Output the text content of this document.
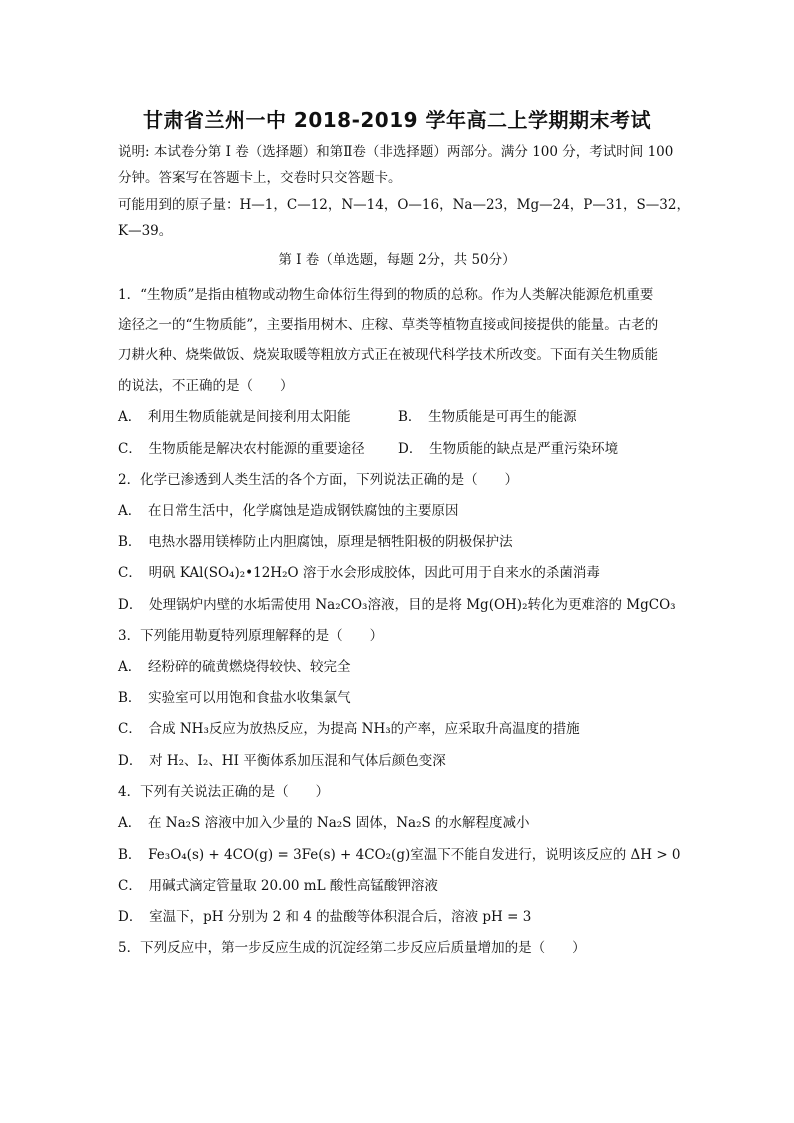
甘肃省兰州一中 2018-2019 学年高二上学期期末考试
说明: 本试卷分第 I 卷（选择题）和第Ⅱ卷（非选择题）两部分。满分 100 分，考试时间 100
分钟。答案写在答题卡上，交卷时只交答题卡。
可能用到的原子量：H—1，C—12，N—14，O—16，Na—23，Mg—24，P—31，S—32，
K—39。
第 I 卷（单选题，每题 2分，共 50分）
1．“生物质”是指由植物或动物生命体衍生得到的物质的总称。作为人类解决能源危机重要
途径之一的“生物质能”，主要指用树木、庄稼、草类等植物直接或间接提供的能量。古老的
刀耕火种、烧柴做饭、烧炭取暖等粗放方式正在被现代科学技术所改变。下面有关生物质能
的说法，不正确的是（　　）
A．　利用生物质能就是间接利用太阳能	B．　生物质能是可再生的能源
C．　生物质能是解决农村能源的重要途径 D．　生物质能的缺点是严重污染环境
2．化学已渗透到人类生活的各个方面，下列说法正确的是（　　）
A．　在日常生活中，化学腐蚀是造成钢铁腐蚀的主要原因
B．　电热水器用镁棒防止内胆腐蚀，原理是牺牲阳极的阴极保护法
C．　明矾 KAl(SO₄)₂•12H₂O 溶于水会形成胶体，因此可用于自来水的杀菌消毒
D．　处理锅炉内壁的水垢需使用 Na₂CO₃溶液，目的是将 Mg(OH)₂转化为更难溶的 MgCO₃
3．下列能用勒夏特列原理解释的是（　　）
A．　经粉碎的硫黄燃烧得较快、较完全
B．　实验室可以用饱和食盐水收集氯气
C．　合成 NH₃反应为放热反应，为提高 NH₃的产率，应采取升高温度的措施
D．　对 H₂、I₂、HI 平衡体系加压混和气体后颜色变深
4．下列有关说法正确的是（　　）
A．　在 Na₂S 溶液中加入少量的 Na₂S 固体，Na₂S 的水解程度减小
B．　Fe₃O₄(s) + 4CO(g) = 3Fe(s) + 4CO₂(g)室温下不能自发进行，说明该反应的 ΔH > 0
C．　用碱式滴定管量取 20.00 mL 酸性高锰酸钾溶液
D．　室温下，pH 分别为 2 和 4 的盐酸等体积混合后，溶液 pH = 3
5．下列反应中，第一步反应生成的沉淀经第二步反应后质量增加的是（　　）
